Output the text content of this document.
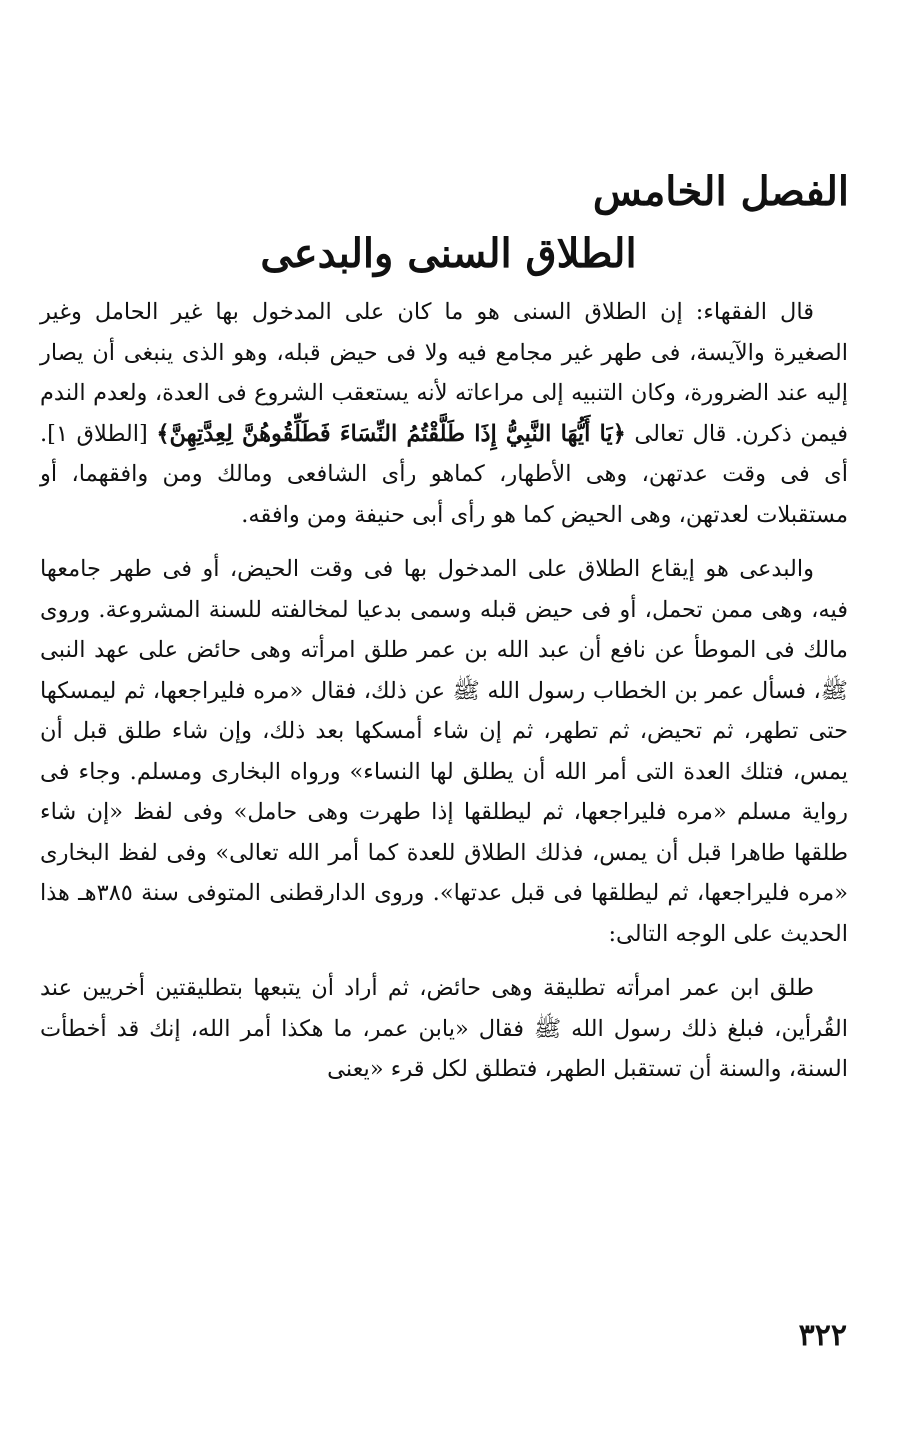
الفصل الخامس
الطلاق السنى والبدعى

قال الفقهاء: إن الطلاق السنى هو ما كان على المدخول بها غير الحامل وغير الصغيرة والآيسة، فى طهر غير مجامع فيه ولا فى حيض قبله، وهو الذى ينبغى أن يصار إليه عند الضرورة، وكان التنبيه إلى مراعاته لأنه يستعقب الشروع فى العدة، ولعدم الندم فيمن ذكرن. قال تعالى ﴿يَا أَيُّهَا النَّبِيُّ إِذَا طَلَّقْتُمُ النِّسَاءَ فَطَلِّقُوهُنَّ لِعِدَّتِهِنَّ﴾ [الطلاق ١]. أى فى وقت عدتهن، وهى الأطهار، كماهو رأى الشافعى ومالك ومن وافقهما، أو مستقبلات لعدتهن، وهى الحيض كما هو رأى أبى حنيفة ومن وافقه.

والبدعى هو إيقاع الطلاق على المدخول بها فى وقت الحيض، أو فى طهر جامعها فيه، وهى ممن تحمل، أو فى حيض قبله وسمى بدعيا لمخالفته للسنة المشروعة. وروى مالك فى الموطأ عن نافع أن عبد الله بن عمر طلق امرأته وهى حائض على عهد النبى ﷺ، فسأل عمر بن الخطاب رسول الله ﷺ عن ذلك، فقال «مره فليراجعها، ثم ليمسكها حتى تطهر، ثم تحيض، ثم تطهر، ثم إن شاء أمسكها بعد ذلك، وإن شاء طلق قبل أن يمس، فتلك العدة التى أمر الله أن يطلق لها النساء» ورواه البخارى ومسلم. وجاء فى رواية مسلم «مره فليراجعها، ثم ليطلقها إذا طهرت وهى حامل» وفى لفظ «إن شاء طلقها طاهرا قبل أن يمس، فذلك الطلاق للعدة كما أمر الله تعالى» وفى لفظ البخارى «مره فليراجعها، ثم ليطلقها فى قبل عدتها». وروى الدارقطنى المتوفى سنة ٣٨٥هـ هذا الحديث على الوجه التالى:

طلق ابن عمر امرأته تطليقة وهى حائض، ثم أراد أن يتبعها بتطليقتين أخريين عند القُرأين، فبلغ ذلك رسول الله ﷺ فقال «يابن عمر، ما هكذا أمر الله، إنك قد أخطأت السنة، والسنة أن تستقبل الطهر، فتطلق لكل قرء «يعنى

٣٢٢
